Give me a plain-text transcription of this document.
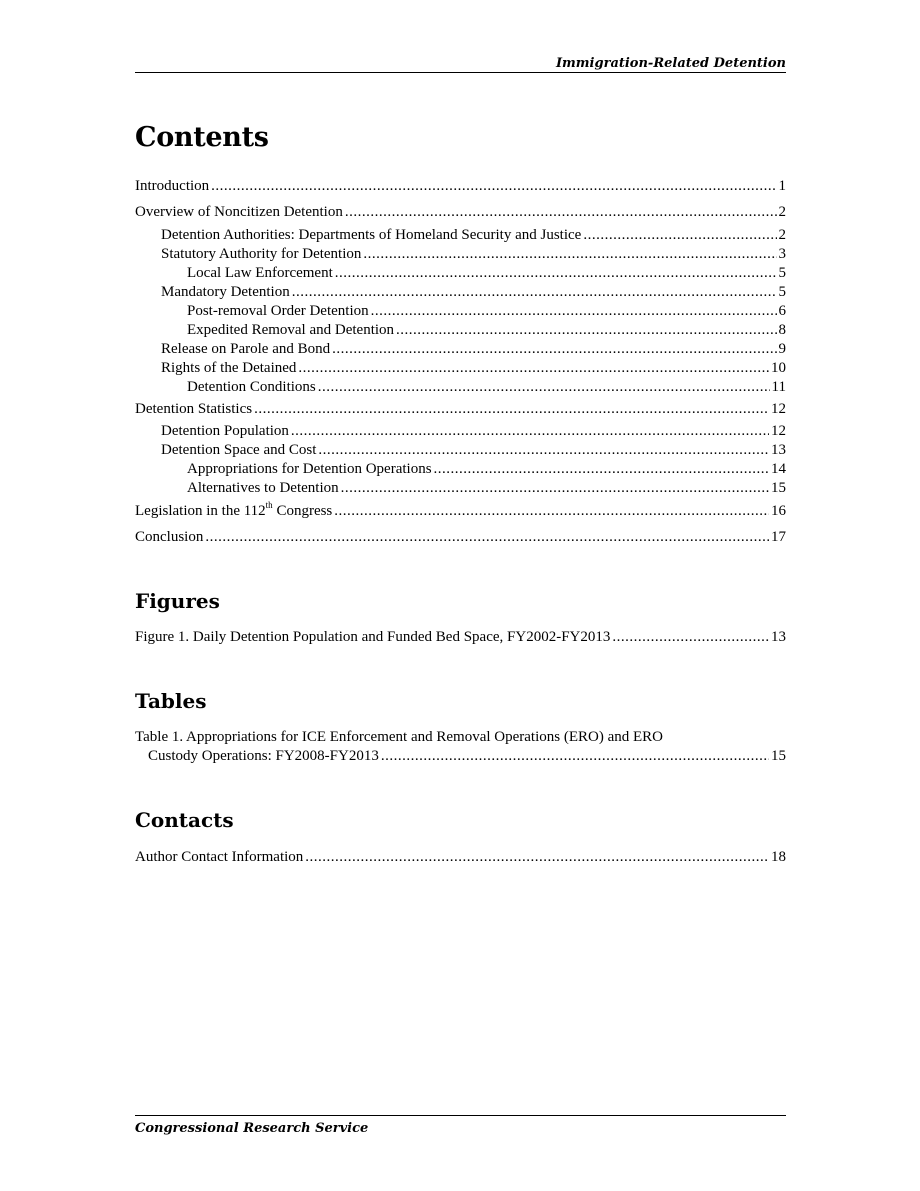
Immigration-Related Detention
Contents
Introduction .....	1
Overview of Noncitizen Detention .....	2
Detention Authorities: Departments of Homeland Security and Justice .....	2
Statutory Authority for Detention .....	3
Local Law Enforcement .....	5
Mandatory Detention .....	5
Post-removal Order Detention .....	6
Expedited Removal and Detention .....	8
Release on Parole and Bond .....	9
Rights of the Detained .....	10
Detention Conditions .....	11
Detention Statistics .....	12
Detention Population .....	12
Detention Space and Cost .....	13
Appropriations for Detention Operations .....	14
Alternatives to Detention .....	15
Legislation in the 112th Congress .....	16
Conclusion .....	17
Figures
Figure 1. Daily Detention Population and Funded Bed Space, FY2002-FY2013 .....	13
Tables
Table 1. Appropriations for ICE Enforcement and Removal Operations (ERO) and ERO
Custody Operations: FY2008-FY2013 .....	15
Contacts
Author Contact Information .....	18
Congressional Research Service
